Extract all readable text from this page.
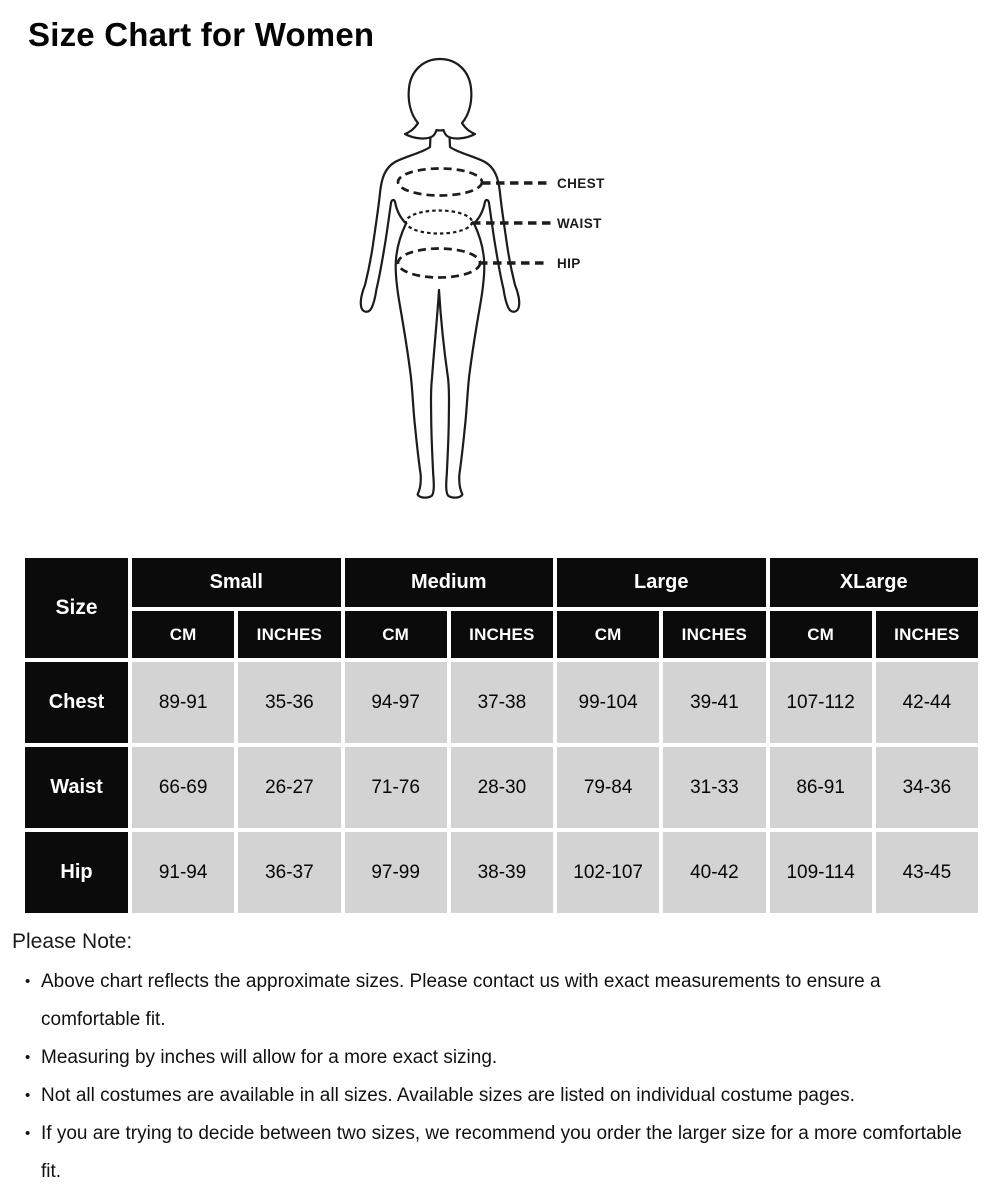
Size Chart for Women
CHEST
WAIST
HIP
Size
Small	Medium	Large	XLarge
CM	INCHES	CM	INCHES	CM	INCHES	CM	INCHES
Chest	89-91	35-36	94-97	37-38	99-104	39-41	107-112	42-44
Waist	66-69	26-27	71-76	28-30	79-84	31-33	86-91	34-36
Hip	91-94	36-37	97-99	38-39	102-107	40-42	109-114	43-45

Please Note:

• Above chart reflects the approximate sizes. Please contact us with exact measurements to ensure a comfortable fit.
• Measuring by inches will allow for a more exact sizing.
• Not all costumes are available in all sizes. Available sizes are listed on individual costume pages.
• If you are trying to decide between two sizes, we recommend you order the larger size for a more comfortable fit.
